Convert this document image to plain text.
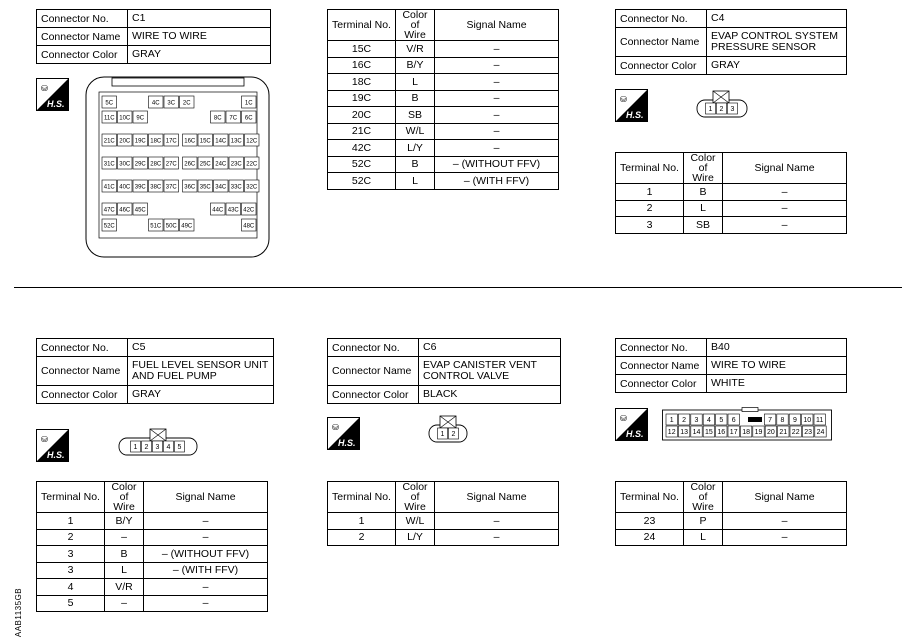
Connector No.	C1
Connector Name	WIRE TO WIRE
Connector Color	GRAY
⛁
H.S.	5C	4C 3C 2C	1C
11C 10C 9C	8C 7C 6C
21C 20C 19C 18C 17C 16C 15C 14C 13C 12C
31C 30C 29C 28C 27C 26C 25C 24C 23C 22C
41C 40C 39C 38C 37C 36C 35C 34C 33C 32C
47C 46C 45C	44C 43C 42C
52C	51C 50C 49C	48C
Terminal No.	Color of Wire	Signal Name
15C	V/R	–
16C	B/Y	–
18C	L	–
19C	B	–
20C	SB	–
21C	W/L	–
42C	L/Y	–
52C	B	– (WITHOUT FFV)
52C	L	– (WITH FFV)
Connector No.	C4
Connector Name	EVAP CONTROL SYSTEM PRESSURE SENSOR
Connector Color	GRAY
⛁
H.S.
1 2 3
Terminal No.	Color of Wire	Signal Name
1	B	–
2	L	–
3	SB	–
Connector No.	C5
Connector Name	FUEL LEVEL SENSOR UNIT AND FUEL PUMP
Connector Color	GRAY
⛁
H.S.
1 2 3 4 5
Terminal No.	Color of Wire	Signal Name
1	B/Y	–
2	–	–
3	B	– (WITHOUT FFV)
3	L	– (WITH FFV)
4	V/R	–
5	–	–
Connector No.	C6
Connector Name	EVAP CANISTER VENT CONTROL VALVE
Connector Color	BLACK
⛁
H.S.
1 2
Terminal No.	Color of Wire	Signal Name
1	W/L	–
2	L/Y	–
Connector No.	B40
Connector Name	WIRE TO WIRE
Connector Color	WHITE
⛁
H.S.
1 2 3 4 5 6	7 8 9 10 11
12 13 14 15 16 17 18 19 20 21 22 23 24
Terminal No.	Color of Wire	Signal Name
23	P	–
24	L	–
AAB1135GB
